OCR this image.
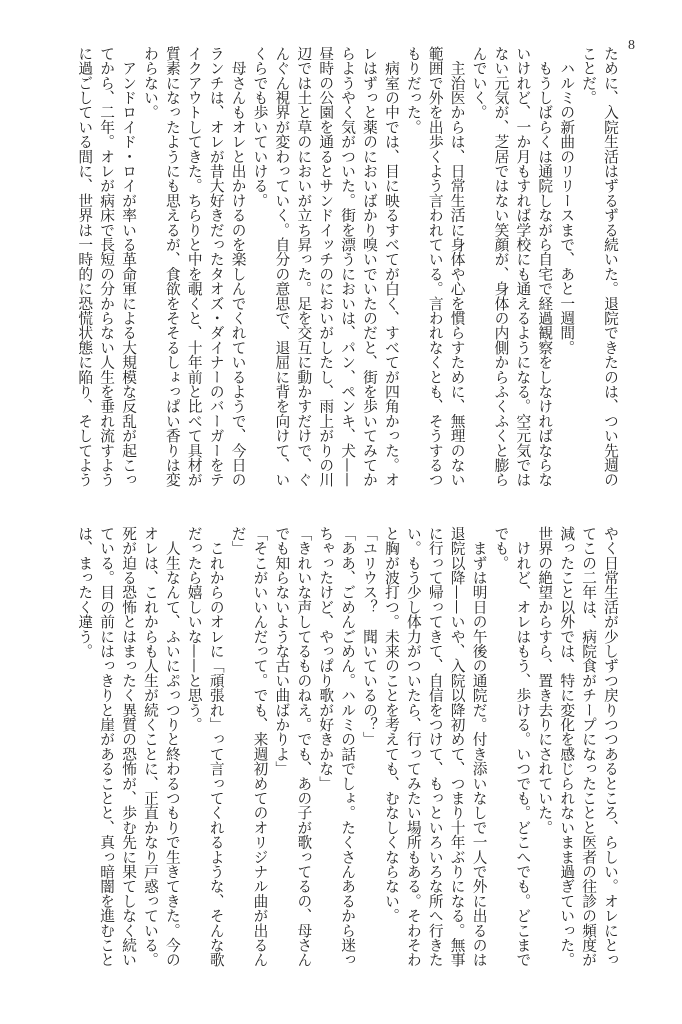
8
ために、入院生活はずるずる続いた。退院できたのは、つい先週の
ことだ。
　ハルミの新曲のリリースまで、あと一週間。
　もうしばらくは通院しながら自宅で経過観察をしなければならな
いけれど、一か月もすれば学校にも通えるようになる。空元気では
ない元気が、芝居ではない笑顔が、身体の内側からふくふくと膨ら
んでいく。
　主治医からは、日常生活に身体や心を慣らすために、無理のない
範囲で外を出歩くよう言われている。言われなくとも、そうするつ
もりだった。
　病室の中では、目に映るすべてが白く、すべてが四角かった。オ
レはずっと薬のにおいばかり嗅いでいたのだと、街を歩いてみてか
らようやく気がついた。街を漂うにおいは、パン、ペンキ、犬——
昼時の公園を通るとサンドイッチのにおいがしたし、雨上がりの川
辺では土と草のにおいが立ち昇った。足を交互に動かすだけで、ぐ
んぐん視界が変わっていく。自分の意思で、退屈に背を向けて、い
くらでも歩いていける。
　母さんもオレと出かけるのを楽しんでくれているようで、今日の
ランチは、オレが昔大好きだったタオズ・ダイナーのバーガーをテ
イクアウトしてきた。ちらりと中を覗くと、十年前と比べて具材が
質素になったようにも思えるが、食欲をそそるしょっぱい香りは変
わらない。
　アンドロイド・ロイが率いる革命軍による大規模な反乱が起こっ
てから、二年。オレが病床で長短の分からない人生を垂れ流すよう
に過ごしている間に、世界は一時的に恐慌状態に陥り、そしてよう
やく日常生活が少しずつ戻りつつあるところ、らしい。オレにとっ
てこの二年は、病院食がチープになったことと医者の往診の頻度が
減ったこと以外では、特に変化を感じられないまま過ぎていった。
世界の絶望からすら、置き去りにされていた。
　けれど、オレはもう、歩ける。いつでも。どこへでも。どこまで
でも。
　まずは明日の午後の通院だ。付き添いなしで一人で外に出るのは
退院以降——いや、入院以降初めて、つまり十年ぶりになる。無事
に行って帰ってきて、自信をつけて、もっといろいろな所へ行きた
い。もう少し体力がついたら、行ってみたい場所もある。そわそわ
と胸が波打つ。未来のことを考えても、むなしくならない。
「ユリウス？　聞いているの？」
「ああ、ごめんごめん。ハルミの話でしょ。たくさんあるから迷っ
ちゃったけど、やっぱり歌が好きかな」
「きれいな声してるものねえ。でも、あの子が歌ってるの、母さん
でも知らないような古い曲ばかりよ」
「そこがいいんだって。でも、来週初めてのオリジナル曲が出るん
だ」
　これからのオレに「頑張れ」って言ってくれるような、そんな歌
だったら嬉しいな——と思う。
　人生なんて、ふいにぷっつりと終わるつもりで生きてきた。今の
オレは、これからも人生が続くことに、正直かなり戸惑っている。
死が迫る恐怖とはまったく異質の恐怖が、歩む先に果てしなく続い
ている。目の前にはっきりと崖があることと、真っ暗闇を進むこと
は、まったく違う。
